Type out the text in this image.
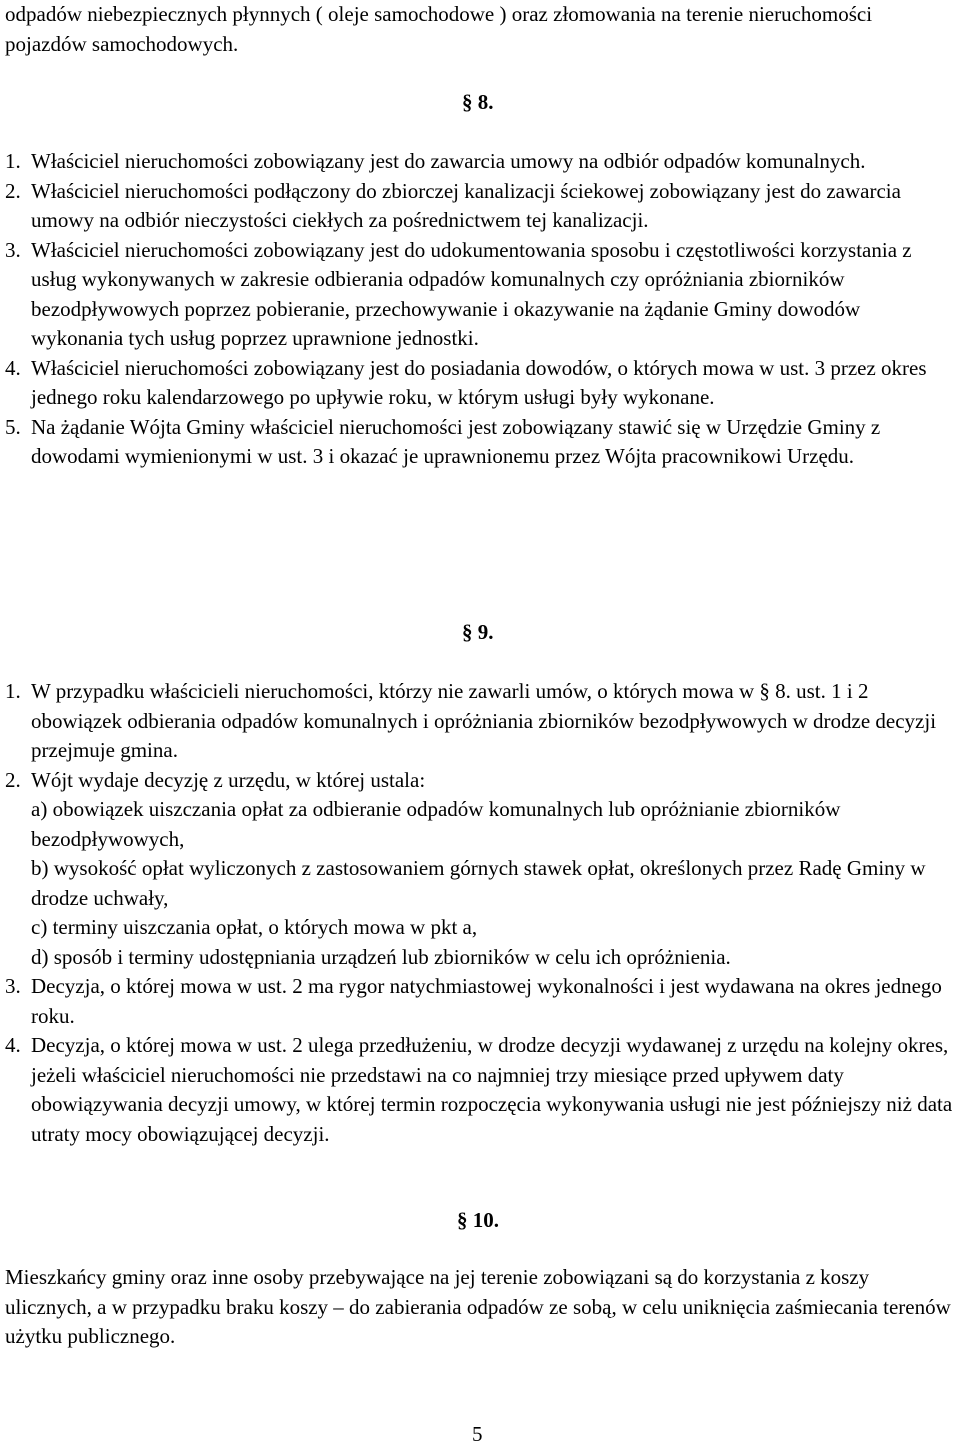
odpadów niebezpiecznych płynnych ( oleje samochodowe ) oraz złomowania na terenie nieruchomości pojazdów samochodowych.
§ 8.
1. Właściciel nieruchomości zobowiązany jest do zawarcia umowy na odbiór odpadów komunalnych.
2. Właściciel nieruchomości podłączony do zbiorczej kanalizacji ściekowej zobowiązany jest do zawarcia umowy na odbiór nieczystości ciekłych za pośrednictwem tej kanalizacji.
3. Właściciel nieruchomości zobowiązany jest do udokumentowania sposobu i częstotliwości korzystania z usług wykonywanych w zakresie odbierania odpadów komunalnych czy opróżniania zbiorników bezodpływowych poprzez pobieranie, przechowywanie i okazywanie na żądanie Gminy dowodów wykonania tych usług poprzez uprawnione jednostki.
4. Właściciel nieruchomości zobowiązany jest do posiadania dowodów, o których mowa w ust. 3 przez okres jednego roku kalendarzowego po upływie roku, w którym usługi były wykonane.
5. Na żądanie Wójta Gminy właściciel nieruchomości jest zobowiązany stawić się w Urzędzie Gminy z dowodami wymienionymi w ust. 3 i okazać je uprawnionemu przez Wójta pracownikowi Urzędu.
§ 9.
1. W przypadku właścicieli nieruchomości, którzy nie zawarli umów, o których mowa w § 8. ust. 1 i 2 obowiązek odbierania odpadów komunalnych i opróżniania zbiorników bezodpływowych w drodze decyzji przejmuje gmina.
2. Wójt wydaje decyzję z urzędu, w której ustala:
a) obowiązek uiszczania opłat za odbieranie odpadów komunalnych lub opróżnianie zbiorników bezodpływowych,
b) wysokość opłat wyliczonych z zastosowaniem górnych stawek opłat, określonych przez Radę Gminy w drodze uchwały,
c) terminy uiszczania opłat, o których mowa w pkt a,
d) sposób i terminy udostępniania urządzeń lub zbiorników w celu ich opróżnienia.
3. Decyzja, o której mowa w ust. 2 ma rygor natychmiastowej wykonalności i jest wydawana na okres jednego roku.
4. Decyzja, o której mowa w ust. 2 ulega przedłużeniu, w drodze decyzji wydawanej z urzędu na kolejny okres, jeżeli właściciel nieruchomości nie przedstawi na co najmniej trzy miesiące przed upływem daty obowiązywania decyzji umowy, w której termin rozpoczęcia wykonywania usługi nie jest późniejszy niż data utraty mocy obowiązującej decyzji.
§ 10.

Mieszkańcy gminy oraz inne osoby przebywające na jej terenie zobowiązani są do korzystania z koszy ulicznych, a w przypadku braku koszy – do zabierania odpadów ze sobą, w celu uniknięcia zaśmiecania terenów użytku publicznego.

5
